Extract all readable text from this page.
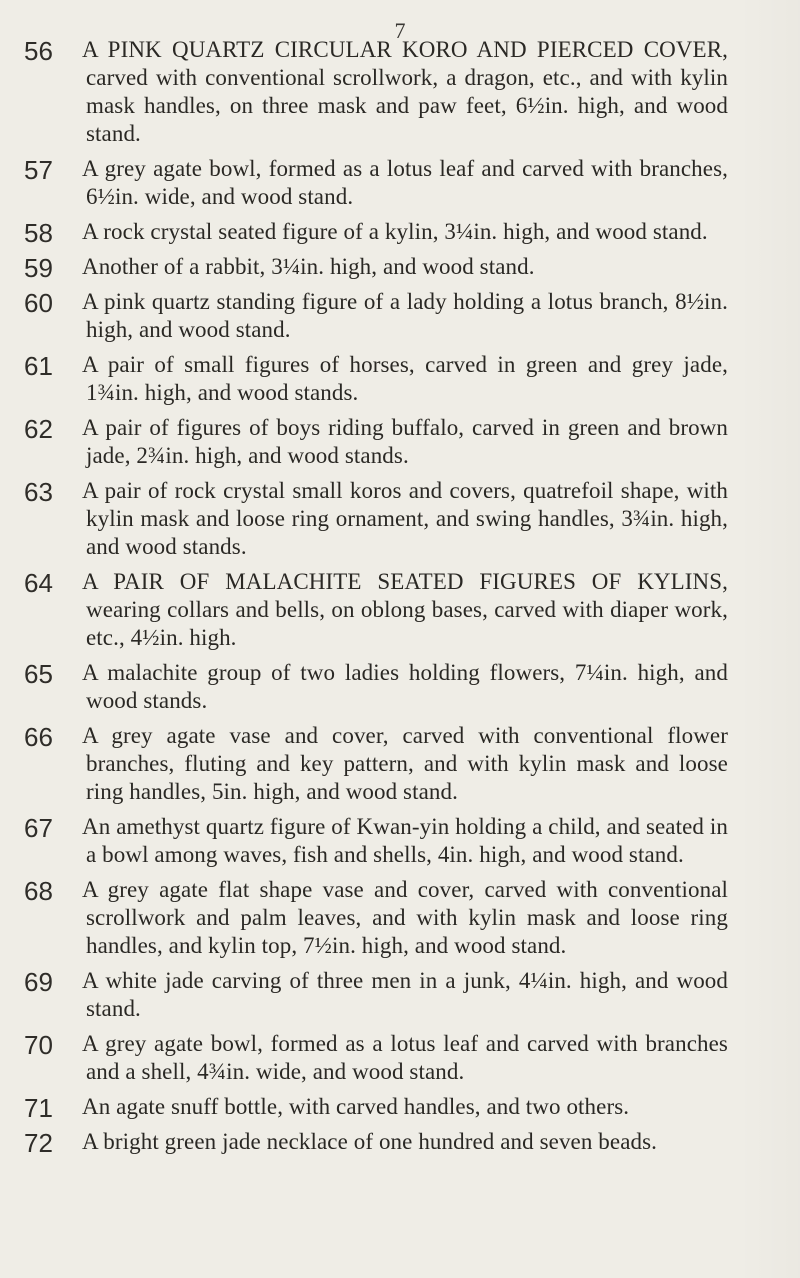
7
56	A PINK QUARTZ CIRCULAR KORO AND PIERCED COVER, carved with conventional scrollwork, a dragon, etc., and with kylin mask handles, on three mask and paw feet, 6½in. high, and wood stand.
57	A grey agate bowl, formed as a lotus leaf and carved with branches, 6½in. wide, and wood stand.
58	A rock crystal seated figure of a kylin, 3¼in. high, and wood stand.
59	Another of a rabbit, 3¼in. high, and wood stand.
60	A pink quartz standing figure of a lady holding a lotus branch, 8½in. high, and wood stand.
61	A pair of small figures of horses, carved in green and grey jade, 1¾in. high, and wood stands.
62	A pair of figures of boys riding buffalo, carved in green and brown jade, 2¾in. high, and wood stands.
63	A pair of rock crystal small koros and covers, quatrefoil shape, with kylin mask and loose ring ornament, and swing handles, 3¾in. high, and wood stands.
64	A PAIR OF MALACHITE SEATED FIGURES OF KYLINS, wearing collars and bells, on oblong bases, carved with diaper work, etc., 4½in. high.
65	A malachite group of two ladies holding flowers, 7¼in. high, and wood stands.
66	A grey agate vase and cover, carved with conventional flower branches, fluting and key pattern, and with kylin mask and loose ring handles, 5in. high, and wood stand.
67	An amethyst quartz figure of Kwan-yin holding a child, and seated in a bowl among waves, fish and shells, 4in. high, and wood stand.
68	A grey agate flat shape vase and cover, carved with conventional scrollwork and palm leaves, and with kylin mask and loose ring handles, and kylin top, 7½in. high, and wood stand.
69	A white jade carving of three men in a junk, 4¼in. high, and wood stand.
70	A grey agate bowl, formed as a lotus leaf and carved with branches and a shell, 4¾in. wide, and wood stand.
71	An agate snuff bottle, with carved handles, and two others.
72	A bright green jade necklace of one hundred and seven beads.
